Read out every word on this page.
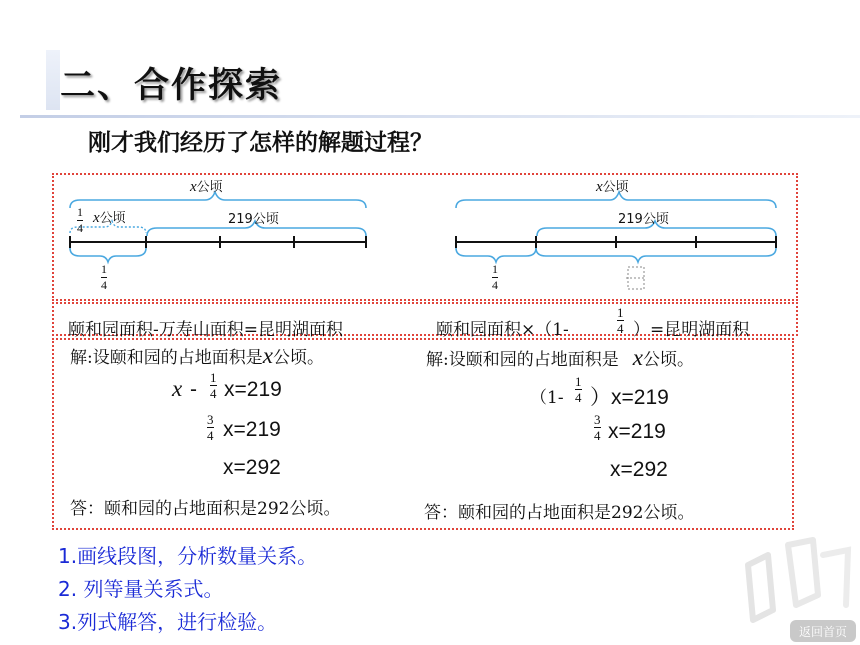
二、合作探索
刚才我们经历了怎样的解题过程？
x公顷
1
4
x公顷	219公顷
1
4
x公顷
219公顷
1
4
颐和园面积-万寿山面积=昆明湖面积	颐和园面积×（1-
1
4 ）=昆明湖面积
解:设颐和园的占地面积是x公顷。
x -
1
4 x=219
3
4 x=219
x=292
答：颐和园的占地面积是292公顷。
解:设颐和园的占地面积是 x公顷。
（1-
1
4 ）x=219
3
4 x=219
x=292
答：颐和园的占地面积是292公顷。
1.画线段图，分析数量关系。
2. 列等量关系式。
3.列式解答，进行检验。	返回首页
